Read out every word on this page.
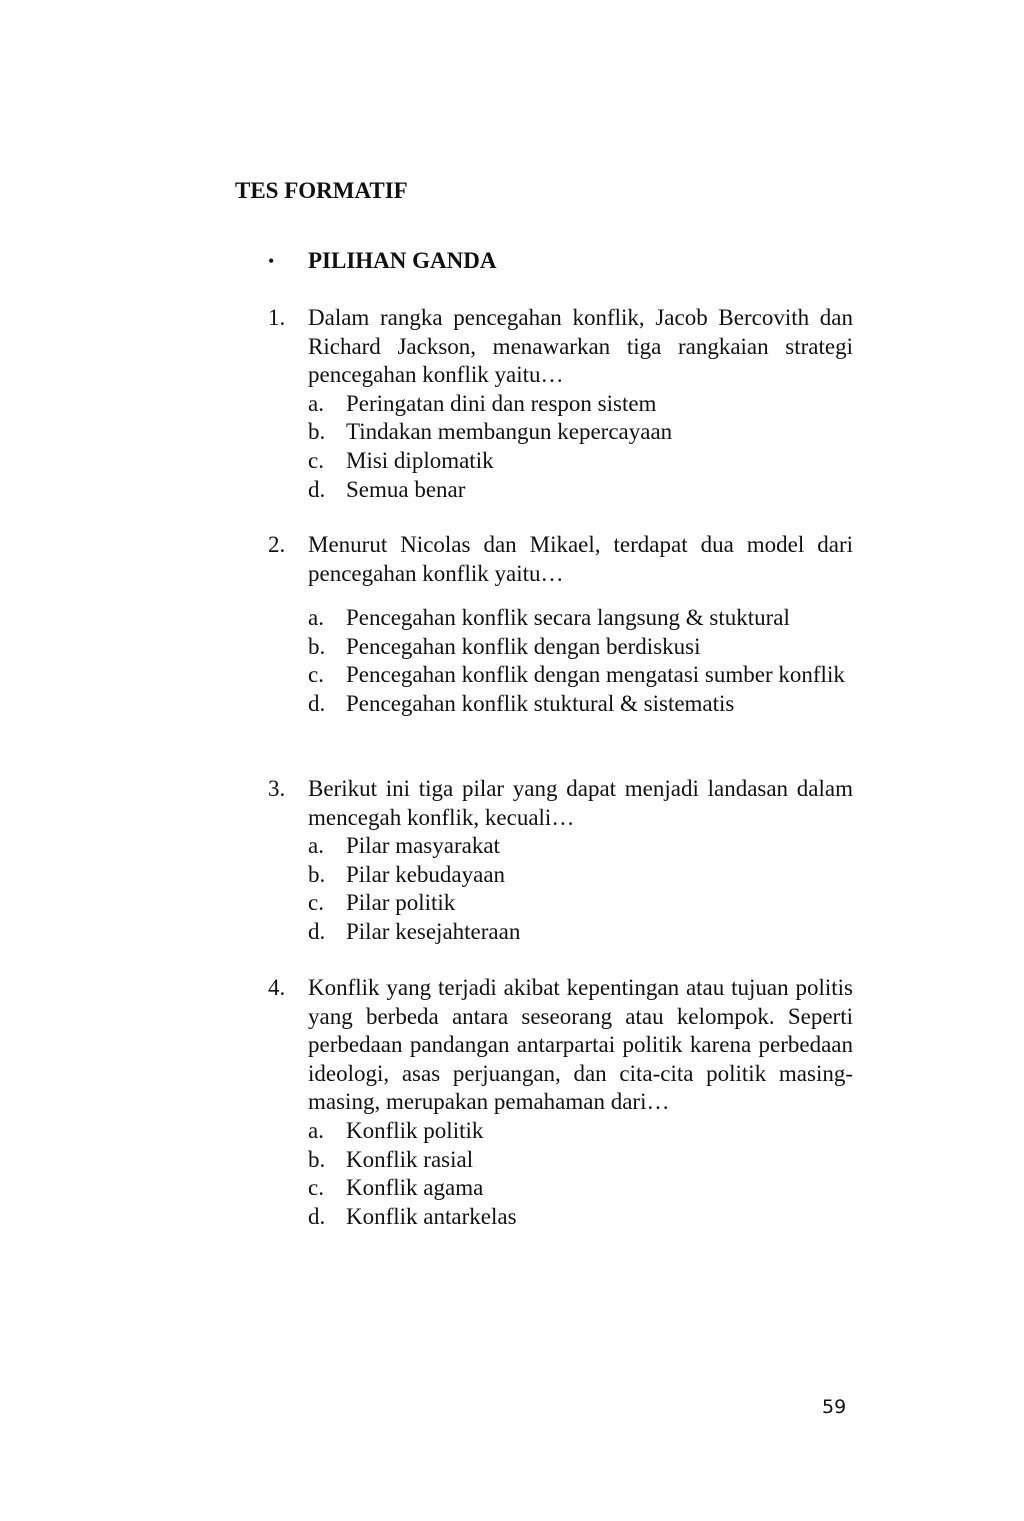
TES FORMATIF
•	PILIHAN GANDA
1. Dalam rangka pencegahan konflik, Jacob Bercovith dan Richard Jackson, menawarkan tiga rangkaian strategi pencegahan konflik yaitu…
a. Peringatan dini dan respon sistem
b. Tindakan membangun kepercayaan
c. Misi diplomatik
d. Semua benar
2. Menurut Nicolas dan Mikael, terdapat dua model dari pencegahan konflik yaitu…
a. Pencegahan konflik secara langsung & stuktural
b. Pencegahan konflik dengan berdiskusi
c. Pencegahan konflik dengan mengatasi sumber konflik
d. Pencegahan konflik stuktural & sistematis
3. Berikut ini tiga pilar yang dapat menjadi landasan dalam mencegah konflik, kecuali…
a. Pilar masyarakat
b. Pilar kebudayaan
c. Pilar politik
d. Pilar kesejahteraan
4. Konflik yang terjadi akibat kepentingan atau tujuan politis yang berbeda antara seseorang atau kelompok. Seperti perbedaan pandangan antarpartai politik karena perbedaan ideologi, asas perjuangan, dan cita-cita politik masing-masing, merupakan pemahaman dari…
a. Konflik politik
b. Konflik rasial
c. Konflik agama
d. Konflik antarkelas
59
